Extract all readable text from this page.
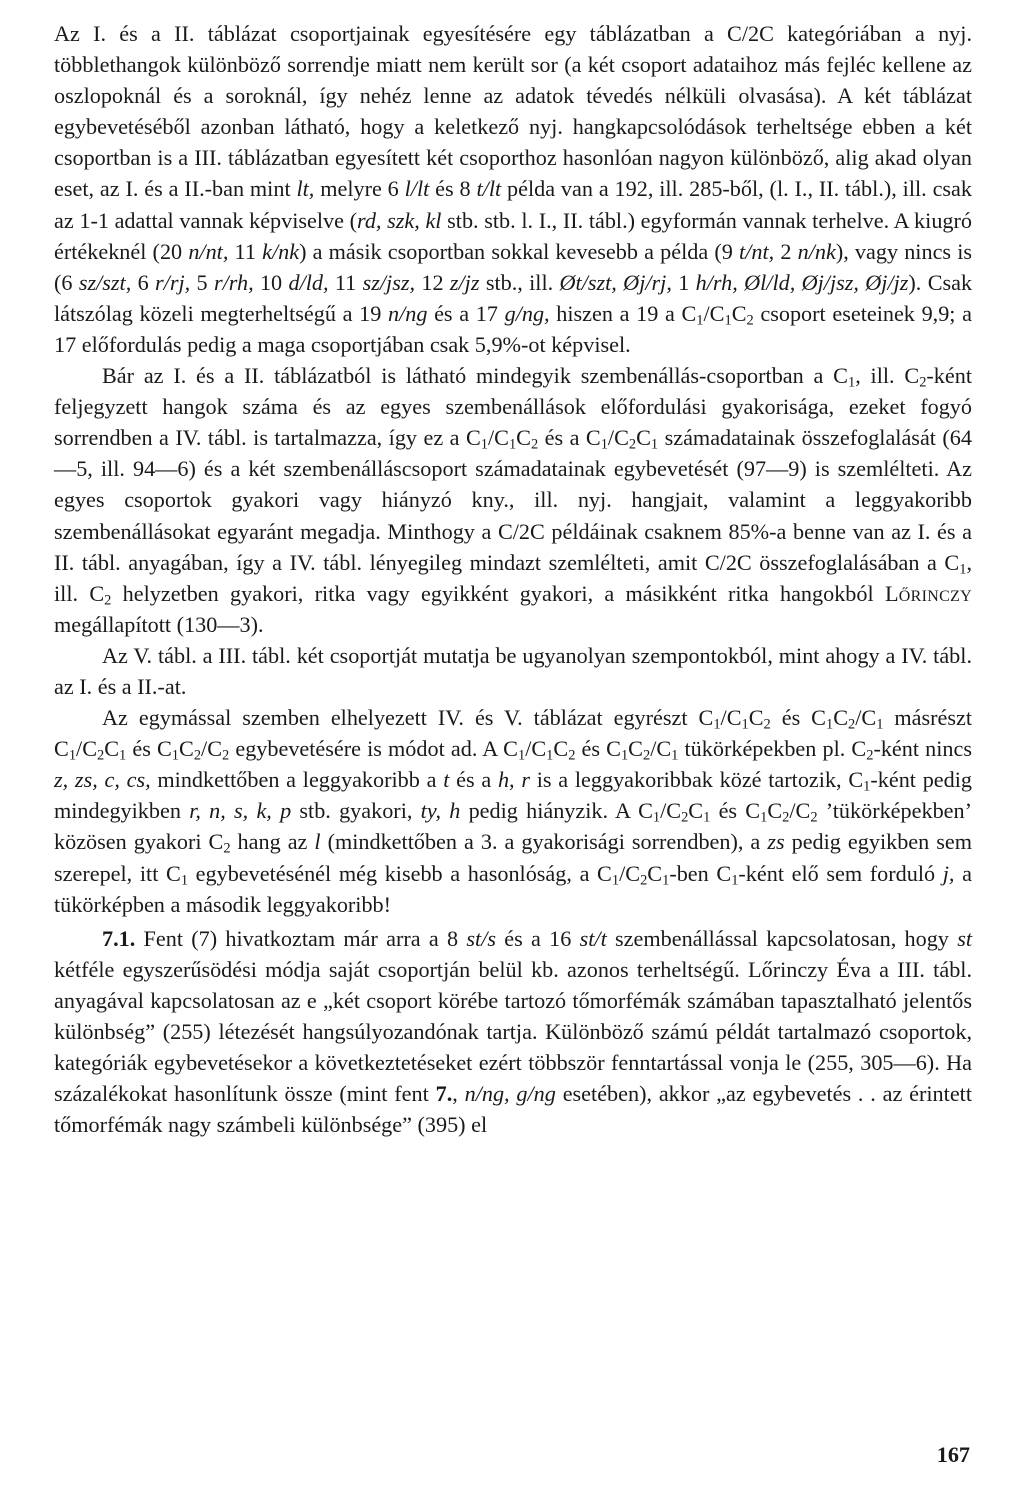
Az I. és a II. táblázat csoportjainak egyesítésére egy táblázatban a C/2C kategóriában a nyj. többlethangok különböző sorrendje miatt nem került sor (a két csoport adataihoz más fejléc kellene az oszlopoknál és a soroknál, így nehéz lenne az adatok tévedés nélküli olvasása). A két táblázat egybevetéséből azonban látható, hogy a keletkező nyj. hangkapcsolódások terheltsége ebben a két csoportban is a III. táblázatban egyesített két csoporthoz hasonlóan nagyon különböző, alig akad olyan eset, az I. és a II.-ban mint lt, melyre 6 l/lt és 8 t/lt példa van a 192, ill. 285-ből, (l. I., II. tábl.), ill. csak az 1-1 adattal vannak képviselve (rd, szk, kl stb. stb. l. I., II. tábl.) egyformán vannak terhelve. A kiugró értékeknél (20 n/nt, 11 k/nk) a másik csoportban sokkal kevesebb a példa (9 t/nt, 2 n/nk), vagy nincs is (6 sz/szt, 6 r/rj, 5 r/rh, 10 d/ld, 11 sz/jsz, 12 z/jz stb., ill. Øt/szt, Øj/rj, 1 h/rh, Øl/ld, Øj/jsz, Øj/jz). Csak látszólag közeli megterheltségű a 19 n/ng és a 17 g/ng, hiszen a 19 a $C_1/C_1C_2$ csoport eseteinek 9,9; a 17 előfordulás pedig a maga csoportjában csak 5,9%-ot képvisel.

Bár az I. és a II. táblázatból is látható mindegyik szembenállás-csoportban a $C_1$, ill. $C_2$-ként feljegyzett hangok száma és az egyes szembenállások előfordulási gyakorisága, ezeket fogyó sorrendben a IV. tábl. is tartalmazza, így ez a $C_1/C_1C_2$ és a $C_1/C_2C_1$ számadatainak összefoglalását (64—5, ill. 94—6) és a két szembenálláscsoport számadatainak egybevetését (97—9) is szemlélteti. Az egyes csoportok gyakori vagy hiányzó kny., ill. nyj. hangjait, valamint a leggyakoribb szembenállásokat egyaránt megadja. Minthogy a C/2C példáinak csaknem 85%-a benne van az I. és a II. tábl. anyagában, így a IV. tábl. lényegileg mindazt szemlélteti, amit C/2C összefoglalásában a $C_1$, ill. $C_2$ helyzetben gyakori, ritka vagy egyikként gyakori, a másikként ritka hangokból Lőrinczy megállapított (130—3).

Az V. tábl. a III. tábl. két csoportját mutatja be ugyanolyan szempontokból, mint ahogy a IV. tábl. az I. és a II.-at.

Az egymással szemben elhelyezett IV. és V. táblázat egyrészt $C_1/C_1C_2$ és $C_1C_2/C_1$ másrészt $C_1/C_2C_1$ és $C_1C_2/C_2$ egybevetésére is módot ad. A $C_1/C_1C_2$ és $C_1C_2/C_1$ tükörképekben pl. $C_2$-ként nincs z, zs, c, cs, mindkettőben a leggyakoribb a t és a h, r is a leggyakoribbak közé tartozik, $C_1$-ként pedig mindegyikben r, n, s, k, p stb. gyakori, ty, h pedig hiányzik. A $C_1/C_2C_1$ és $C_1C_2/C_2$ ’tükörképekben’ közösen gyakori $C_2$ hang az l (mindkettőben a 3. a gyakorisági sorrendben), a zs pedig egyikben sem szerepel, itt $C_1$ egybevetésénél még kisebb a hasonlóság, a $C_1/C_2C_1$-ben $C_1$-ként elő sem forduló j, a tükörképben a második leggyakoribb!

7.1. Fent (7) hivatkoztam már arra a 8 st/s és a 16 st/t szembenállással kapcsolatosan, hogy st kétféle egyszerűsödési módja saját csoportján belül kb. azonos terheltségű. Lőrinczy Éva a III. tábl. anyagával kapcsolatosan az e „két csoport körébe tartozó tőmorfémák számában tapasztalható jelentős különbség” (255) létezését hangsúlyozandónak tartja. Különböző számú példát tartalmazó csoportok, kategóriák egybevetésekor a következtetéseket ezért többször fenntartással vonja le (255, 305—6). Ha százalékokat hasonlítunk össze (mint fent 7., n/ng, g/ng esetében), akkor „az egybevetés . . az érintett tőmorfémák nagy számbeli különbsége” (395) el

167
